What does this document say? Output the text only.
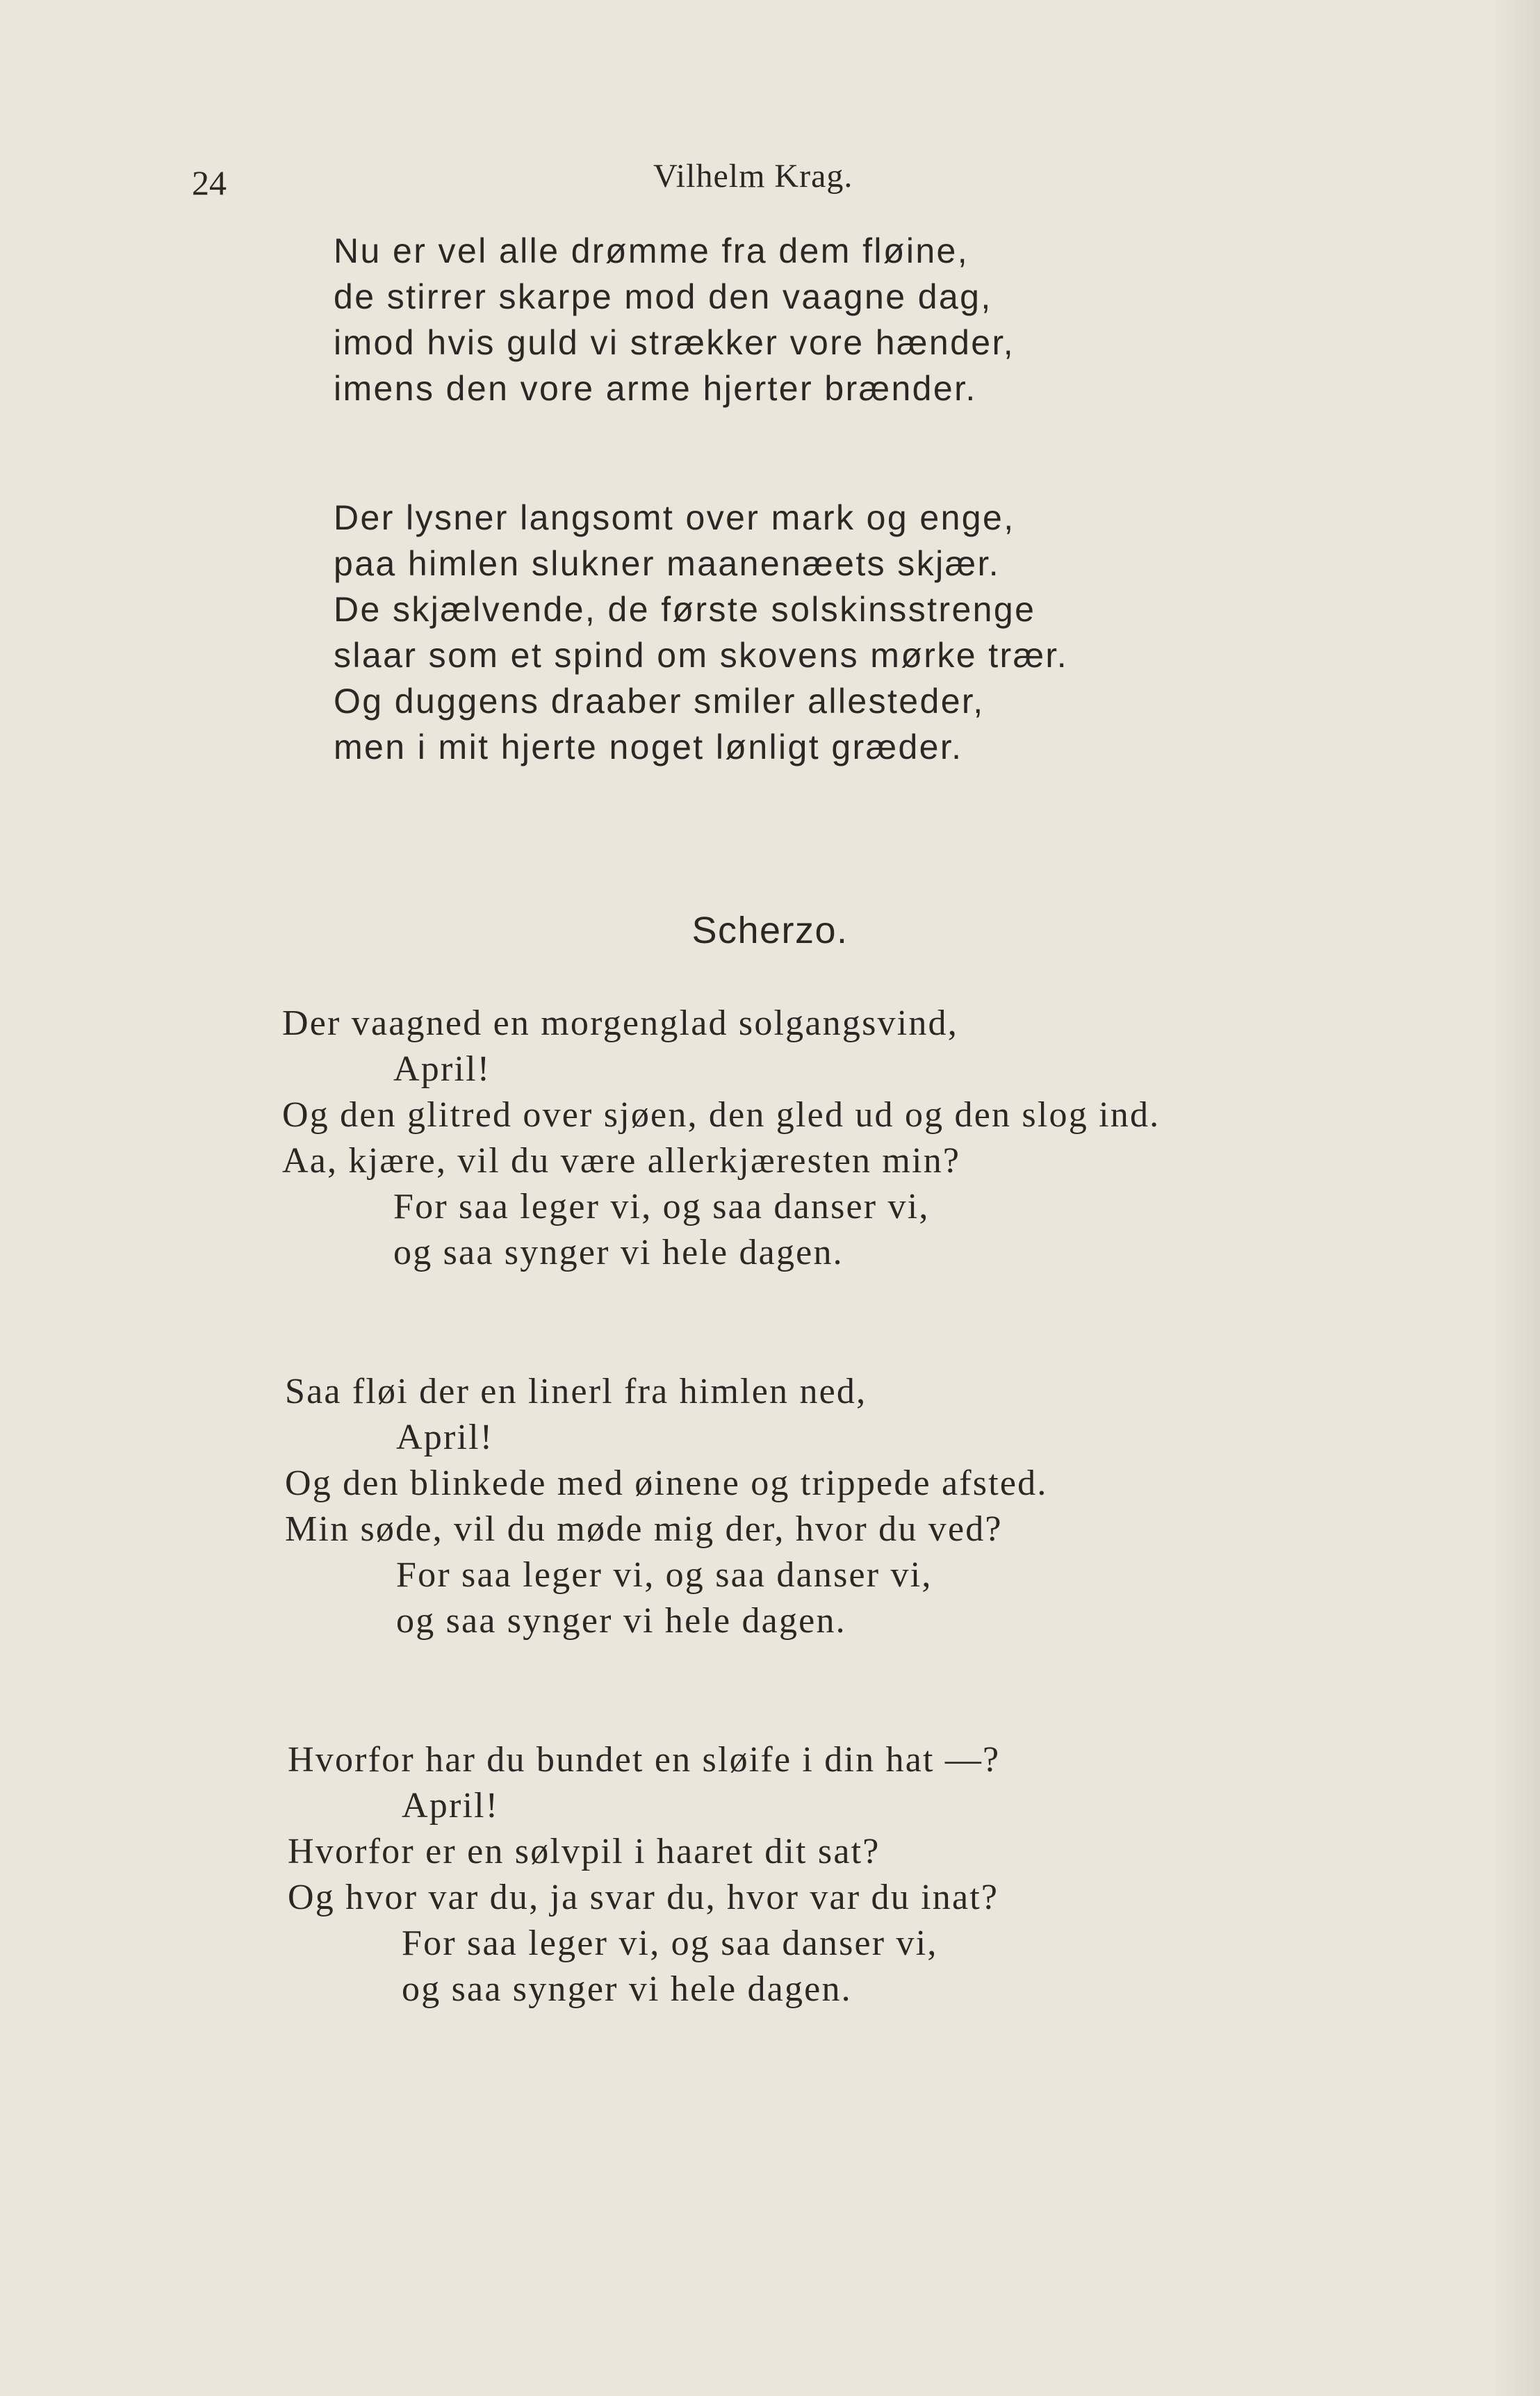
24	Vilhelm Krag.
Nu er vel alle drømme fra dem fløine,
de stirrer skarpe mod den vaagne dag,
imod hvis guld vi strækker vore hænder,
imens den vore arme hjerter brænder.
Der lysner langsomt over mark og enge,
paa himlen slukner maanenæets skjær.
De skjælvende, de første solskinsstrenge
slaar som et spind om skovens mørke trær.
Og duggens draaber smiler allesteder,
men i mit hjerte noget lønligt græder.
Scherzo.
Der vaagned en morgenglad solgangsvind,
April!
Og den glitred over sjøen, den gled ud og den slog ind.
Aa, kjære, vil du være allerkjæresten min?
For saa leger vi, og saa danser vi,
og saa synger vi hele dagen.
Saa fløi der en linerl fra himlen ned,
April!
Og den blinkede med øinene og trippede afsted.
Min søde, vil du møde mig der, hvor du ved?
For saa leger vi, og saa danser vi,
og saa synger vi hele dagen.
Hvorfor har du bundet en sløife i din hat —?
April!
Hvorfor er en sølvpil i haaret dit sat?
Og hvor var du, ja svar du, hvor var du inat?
For saa leger vi, og saa danser vi,
og saa synger vi hele dagen.
